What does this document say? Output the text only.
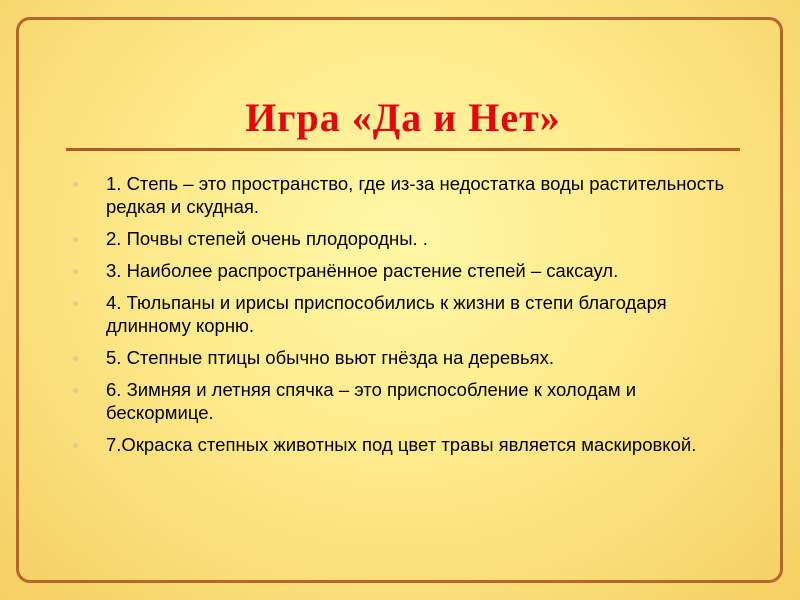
Игра «Да и Нет»
1. Степь – это пространство, где из-за недостатка воды растительность редкая и скудная.
2. Почвы степей очень плодородны. .
3. Наиболее распространённое растение степей – саксаул.
4. Тюльпаны и ирисы приспособились к жизни в степи благодаря длинному корню.
5. Степные птицы обычно вьют гнёзда на деревьях.
6. Зимняя и летняя спячка – это приспособление к холодам и бескормице.
7.Окраска степных животных под цвет травы является маскировкой.
